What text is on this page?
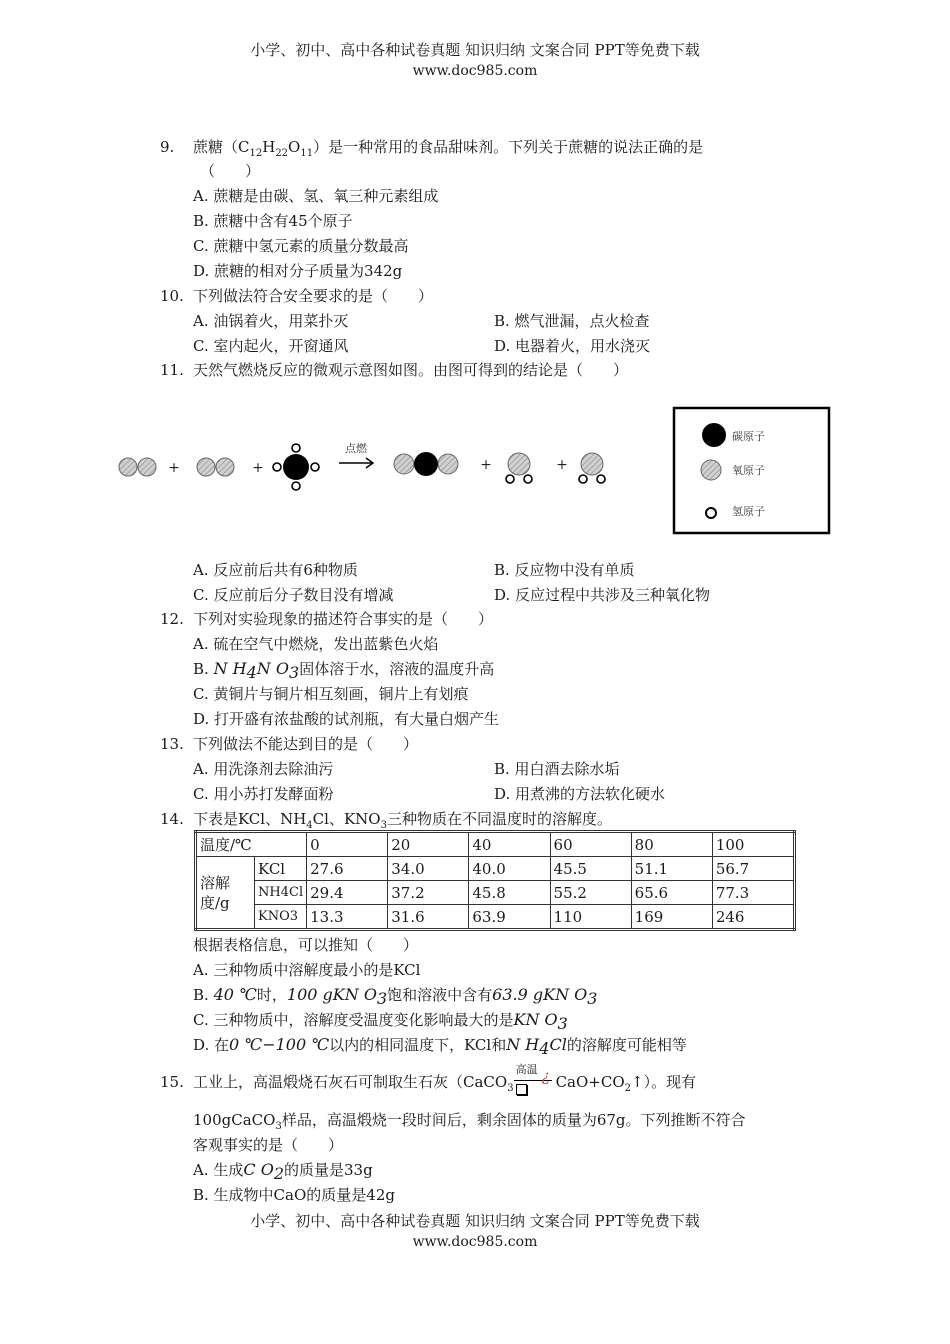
小学、初中、高中各种试卷真题 知识归纳 文案合同 PPT等免费下载
www.doc985.com
9. 蔗糖$(C_{12}H_{22}O_{11})$是一种常用的食品甜味剂。下列关于蔗糖的说法正确的是
（　　）
A. 蔗糖是由碳、氢、氧三种元素组成
B. 蔗糖中含有45个原子
C. 蔗糖中氢元素的质量分数最高
D. 蔗糖的相对分子质量为342g
10. 下列做法符合安全要求的是（　　）
A. 油锅着火，用菜扑灭	B. 燃气泄漏，点火检查
C. 室内起火，开窗通风	D. 电器着火，用水浇灭
11. 天然气燃烧反应的微观示意图如图。由图可得到的结论是（　　）
+	+
点燃
+	+
碳原子
氧原子
氢原子
A. 反应前后共有6种物质	B. 反应物中没有单质
C. 反应前后分子数目没有增减	D. 反应过程中共涉及三种氧化物
12. 下列对实验现象的描述符合事实的是（　　）
A. 硫在空气中燃烧，发出蓝紫色火焰
B. N $H_4N$ $O_3$固体溶于水，溶液的温度升高
C. 黄铜片与铜片相互刻画，铜片上有划痕
D. 打开盛有浓盐酸的试剂瓶，有大量白烟产生
13. 下列做法不能达到目的是（　　）
A. 用洗涤剂去除油污	B. 用白酒去除水垢
C. 用小苏打发酵面粉	D. 用煮沸的方法软化硬水
14. 下表是KCl、$NH_4Cl$、$KNO_3$三种物质在不同温度时的溶解度。
温度/℃		0	20	40	60	80	100
溶解度/g	KCl	27.6	34.0	40.0	45.5	51.1	56.7
	NH4Cl	29.4	37.2	45.8	55.2	65.6	77.3
	KNO3	13.3	31.6	63.9	110	169	246
根据表格信息，可以推知（　　）
A. 三种物质中溶解度最小的是KCl
B. 40 ℃时，100 gKN $O_3$饱和溶液中含有63.9 gKN $O_3$
C. 三种物质中，溶解度受温度变化影响最大的是KN $O_3$
D. 在0 ℃−100 ℃以内的相同温度下，KCl和N $H_4Cl$的溶解度可能相等
15. 工业上，高温煅烧石灰石可制取生石灰（CaCO$_3$
高温 ¿ $CaO+CO_2↑$）。现有
100gCaCO$_3$样品，高温煅烧一段时间后，剩余固体的质量为67g。下列推断不符合
客观事实的是（　　）
A. 生成C $O_2$的质量是33g
B. 生成物中CaO的质量是42g
小学、初中、高中各种试卷真题 知识归纳 文案合同 PPT等免费下载
www.doc985.com
